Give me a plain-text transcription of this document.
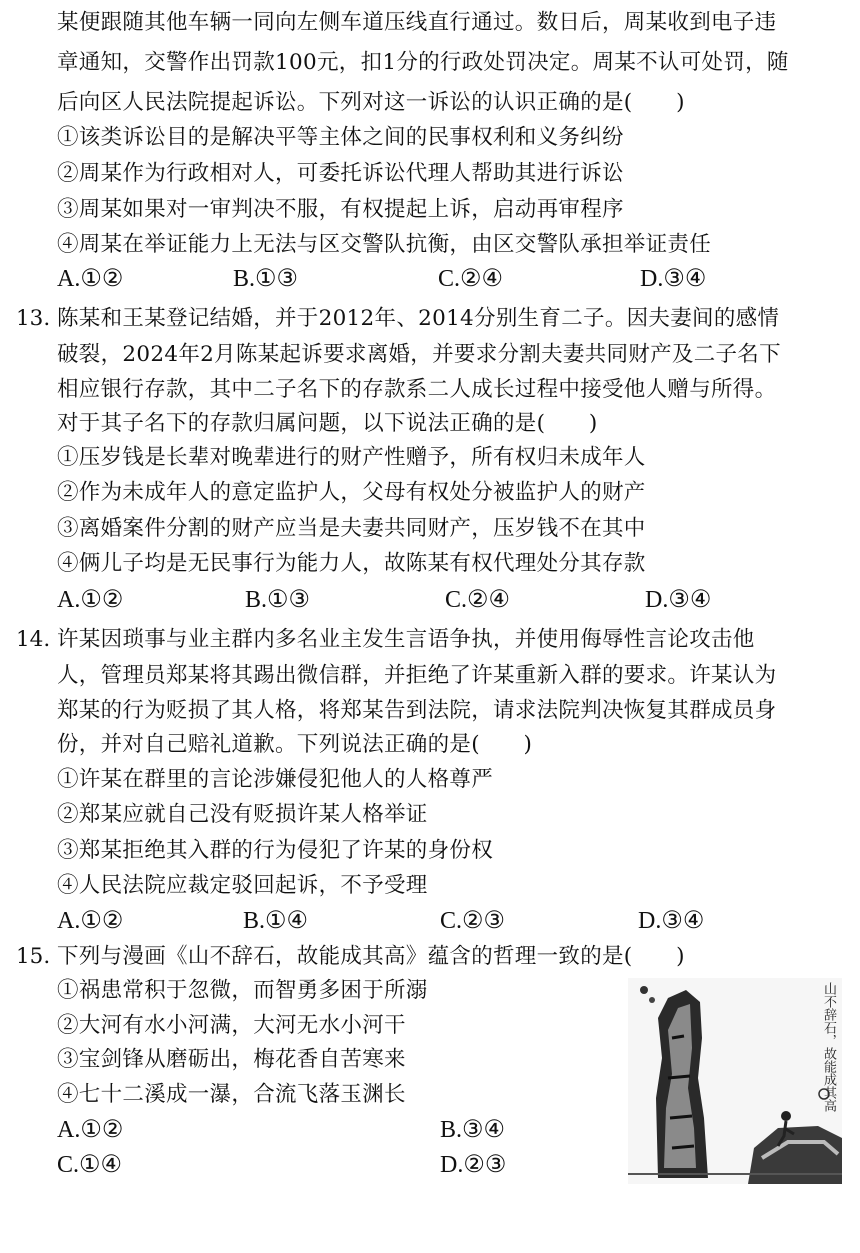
某便跟随其他车辆一同向左侧车道压线直行通过。数日后，周某收到电子违
章通知，交警作出罚款100元，扣1分的行政处罚决定。周某不认可处罚，随
后向区人民法院提起诉讼。下列对这一诉讼的认识正确的是(　　)
①该类诉讼目的是解决平等主体之间的民事权利和义务纠纷
②周某作为行政相对人，可委托诉讼代理人帮助其进行诉讼
③周某如果对一审判决不服，有权提起上诉，启动再审程序
④周某在举证能力上无法与区交警队抗衡，由区交警队承担举证责任
A.①②	B.①③	C.②④	D.③④
13. 陈某和王某登记结婚，并于2012年、2014分别生育二子。因夫妻间的感情
破裂，2024年2月陈某起诉要求离婚，并要求分割夫妻共同财产及二子名下
相应银行存款，其中二子名下的存款系二人成长过程中接受他人赠与所得。
对于其子名下的存款归属问题，以下说法正确的是(　　)
①压岁钱是长辈对晚辈进行的财产性赠予，所有权归未成年人
②作为未成年人的意定监护人，父母有权处分被监护人的财产
③离婚案件分割的财产应当是夫妻共同财产，压岁钱不在其中
④俩儿子均是无民事行为能力人，故陈某有权代理处分其存款
A.①②	B.①③	C.②④	D.③④
14. 许某因琐事与业主群内多名业主发生言语争执，并使用侮辱性言论攻击他
人，管理员郑某将其踢出微信群，并拒绝了许某重新入群的要求。许某认为
郑某的行为贬损了其人格，将郑某告到法院，请求法院判决恢复其群成员身
份，并对自己赔礼道歉。下列说法正确的是(　　)
①许某在群里的言论涉嫌侵犯他人的人格尊严
②郑某应就自己没有贬损许某人格举证
③郑某拒绝其入群的行为侵犯了许某的身份权
④人民法院应裁定驳回起诉，不予受理
A.①②	B.①④	C.②③	D.③④
15. 下列与漫画《山不辞石，故能成其高》蕴含的哲理一致的是(　　)
①祸患常积于忽微，而智勇多困于所溺
②大河有水小河满，大河无水小河干
③宝剑锋从磨砺出，梅花香自苦寒来
④七十二溪成一瀑，合流飞落玉渊长
A.①②	B.③④
C.①④	D.②③
山不辞石，故能成其高
